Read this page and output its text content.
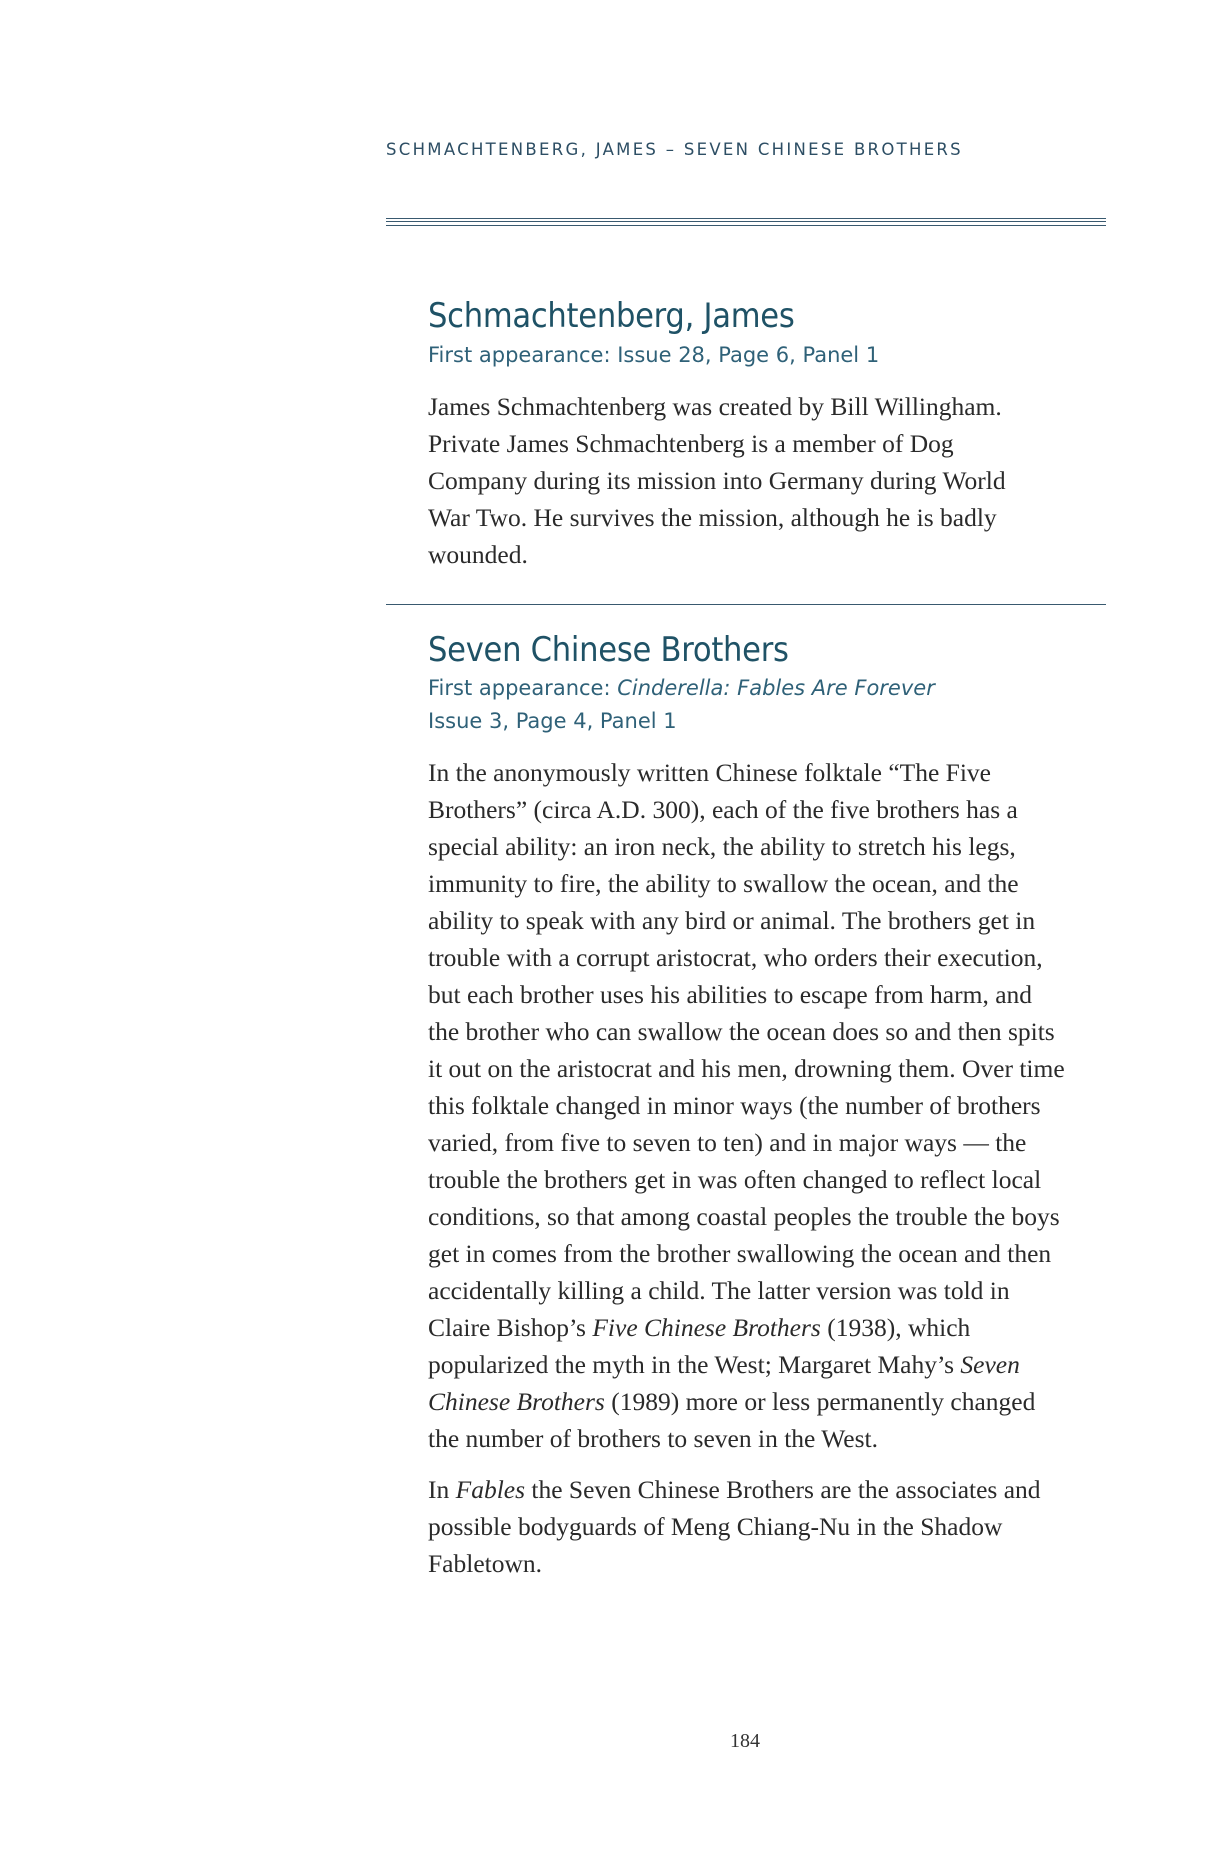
SCHMACHTENBERG, JAMES – SEVEN CHINESE BROTHERS
Schmachtenberg, James
First appearance: Issue 28, Page 6, Panel 1

James Schmachtenberg was created by Bill Willingham. Private James Schmachtenberg is a member of Dog Company during its mission into Germany during World War Two. He survives the mission, although he is badly wounded.

Seven Chinese Brothers
First appearance: Cinderella: Fables Are Forever
Issue 3, Page 4, Panel 1

In the anonymously written Chinese folktale “The Five Brothers” (circa A.D. 300), each of the five brothers has a special ability: an iron neck, the ability to stretch his legs, immunity to fire, the ability to swallow the ocean, and the ability to speak with any bird or animal. The brothers get in trouble with a corrupt aristocrat, who orders their execution, but each brother uses his abilities to escape from harm, and the brother who can swallow the ocean does so and then spits it out on the aristocrat and his men, drowning them. Over time this folktale changed in minor ways (the number of brothers varied, from five to seven to ten) and in major ways — the trouble the brothers get in was often changed to reflect local conditions, so that among coastal peoples the trouble the boys get in comes from the brother swallowing the ocean and then accidentally killing a child. The latter version was told in Claire Bishop’s Five Chinese Brothers (1938), which popularized the myth in the West; Margaret Mahy’s Seven Chinese Brothers (1989) more or less permanently changed the number of brothers to seven in the West.

In Fables the Seven Chinese Brothers are the associates and possible bodyguards of Meng Chiang-Nu in the Shadow Fabletown.

184
